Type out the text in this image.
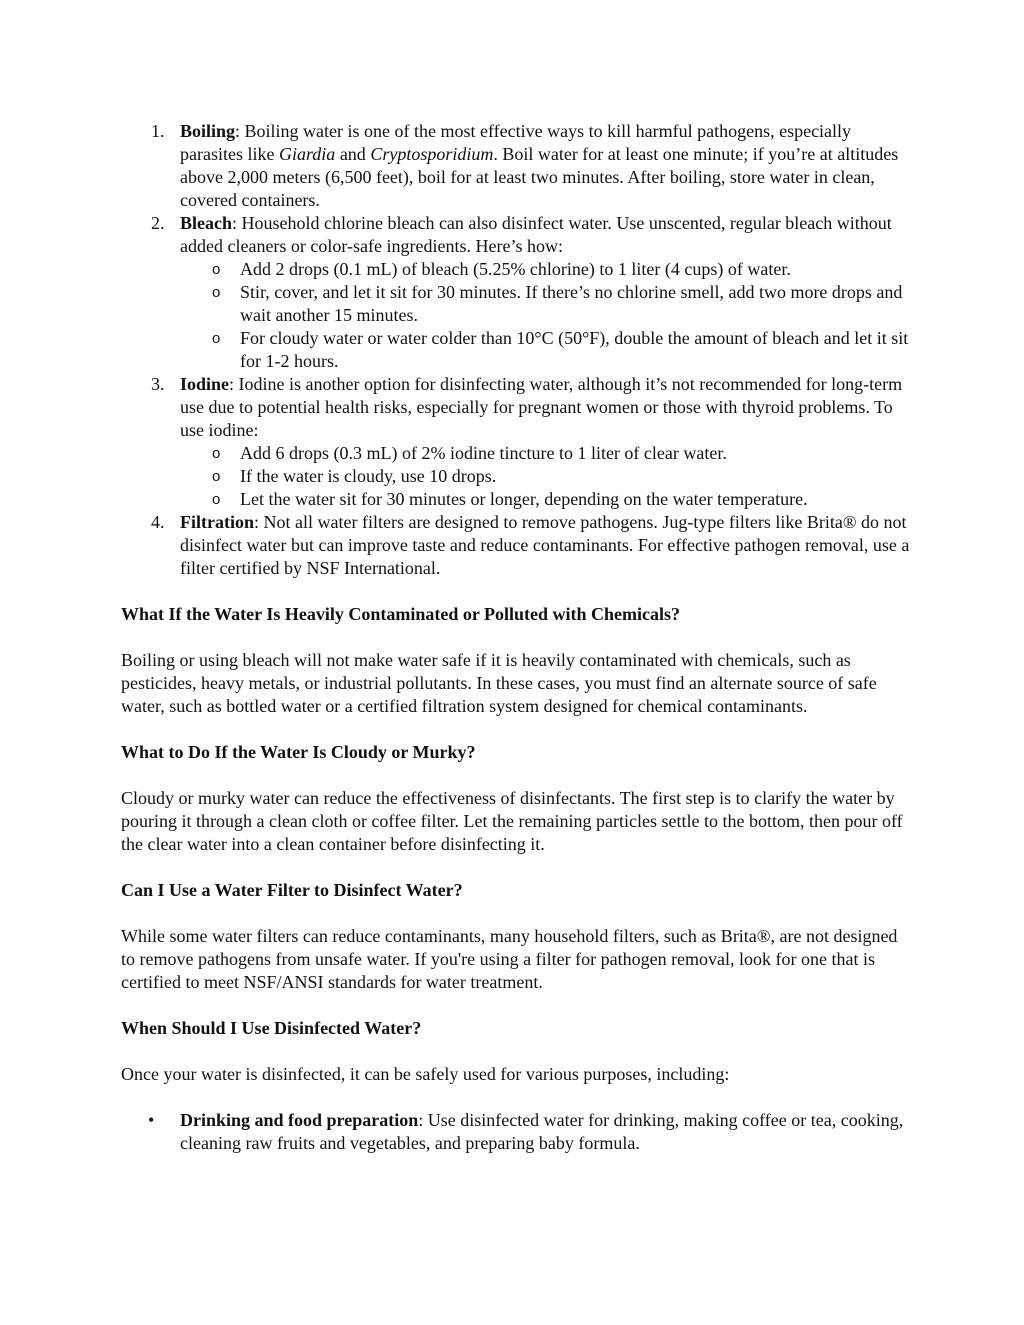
1. Boiling: Boiling water is one of the most effective ways to kill harmful pathogens, especially parasites like Giardia and Cryptosporidium. Boil water for at least one minute; if you’re at altitudes above 2,000 meters (6,500 feet), boil for at least two minutes. After boiling, store water in clean, covered containers.
2. Bleach: Household chlorine bleach can also disinfect water. Use unscented, regular bleach without added cleaners or color-safe ingredients. Here’s how:
o Add 2 drops (0.1 mL) of bleach (5.25% chlorine) to 1 liter (4 cups) of water.
o Stir, cover, and let it sit for 30 minutes. If there’s no chlorine smell, add two more drops and wait another 15 minutes.
o For cloudy water or water colder than 10°C (50°F), double the amount of bleach and let it sit for 1-2 hours.
3. Iodine: Iodine is another option for disinfecting water, although it’s not recommended for long-term use due to potential health risks, especially for pregnant women or those with thyroid problems. To use iodine:
o Add 6 drops (0.3 mL) of 2% iodine tincture to 1 liter of clear water.
o If the water is cloudy, use 10 drops.
o Let the water sit for 30 minutes or longer, depending on the water temperature.
4. Filtration: Not all water filters are designed to remove pathogens. Jug-type filters like Brita® do not disinfect water but can improve taste and reduce contaminants. For effective pathogen removal, use a filter certified by NSF International.

What If the Water Is Heavily Contaminated or Polluted with Chemicals?

Boiling or using bleach will not make water safe if it is heavily contaminated with chemicals, such as pesticides, heavy metals, or industrial pollutants. In these cases, you must find an alternate source of safe water, such as bottled water or a certified filtration system designed for chemical contaminants.

What to Do If the Water Is Cloudy or Murky?

Cloudy or murky water can reduce the effectiveness of disinfectants. The first step is to clarify the water by pouring it through a clean cloth or coffee filter. Let the remaining particles settle to the bottom, then pour off the clear water into a clean container before disinfecting it.

Can I Use a Water Filter to Disinfect Water?

While some water filters can reduce contaminants, many household filters, such as Brita®, are not designed to remove pathogens from unsafe water. If you're using a filter for pathogen removal, look for one that is certified to meet NSF/ANSI standards for water treatment.

When Should I Use Disinfected Water?

Once your water is disinfected, it can be safely used for various purposes, including:

• Drinking and food preparation: Use disinfected water for drinking, making coffee or tea, cooking, cleaning raw fruits and vegetables, and preparing baby formula.
